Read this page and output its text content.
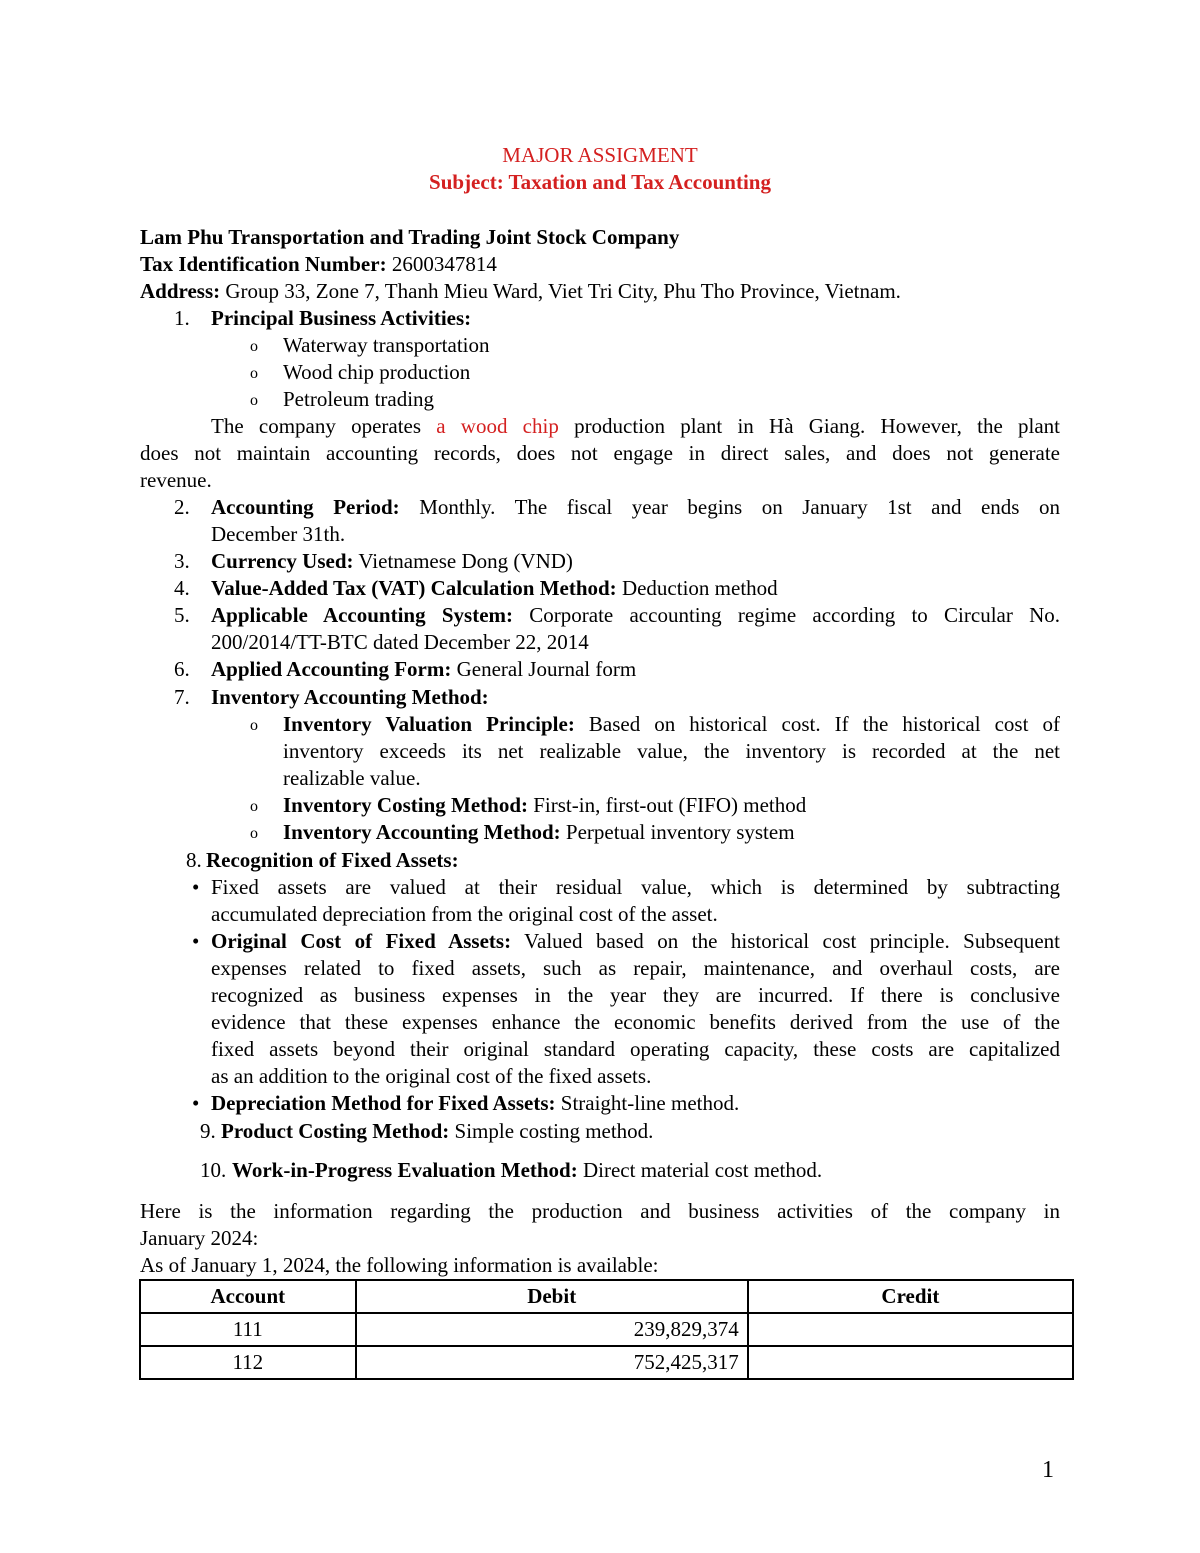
MAJOR ASSIGMENT
Subject: Taxation and Tax Accounting
Lam Phu Transportation and Trading Joint Stock Company
Tax Identification Number: 2600347814
Address: Group 33, Zone 7, Thanh Mieu Ward, Viet Tri City, Phu Tho Province, Vietnam.
1. Principal Business Activities:
o Waterway transportation
o Wood chip production
o Petroleum trading
The company operates a wood chip production plant in Hà Giang. However, the plant
does not maintain accounting records, does not engage in direct sales, and does not generate
revenue.
2. Accounting Period: Monthly. The fiscal year begins on January 1st and ends on
December 31th.
3. Currency Used: Vietnamese Dong (VND)
4. Value-Added Tax (VAT) Calculation Method: Deduction method
5. Applicable Accounting System: Corporate accounting regime according to Circular No.
200/2014/TT-BTC dated December 22, 2014
6. Applied Accounting Form: General Journal form
7. Inventory Accounting Method:
o Inventory Valuation Principle: Based on historical cost. If the historical cost of
inventory exceeds its net realizable value, the inventory is recorded at the net
realizable value.
o Inventory Costing Method: First-in, first-out (FIFO) method
o Inventory Accounting Method: Perpetual inventory system
8. Recognition of Fixed Assets:
• Fixed assets are valued at their residual value, which is determined by subtracting
accumulated depreciation from the original cost of the asset.
• Original Cost of Fixed Assets: Valued based on the historical cost principle. Subsequent
expenses related to fixed assets, such as repair, maintenance, and overhaul costs, are
recognized as business expenses in the year they are incurred. If there is conclusive
evidence that these expenses enhance the economic benefits derived from the use of the
fixed assets beyond their original standard operating capacity, these costs are capitalized
as an addition to the original cost of the fixed assets.
• Depreciation Method for Fixed Assets: Straight-line method.
9. Product Costing Method: Simple costing method.
10. Work-in-Progress Evaluation Method: Direct material cost method.
Here is the information regarding the production and business activities of the company in
January 2024:
As of January 1, 2024, the following information is available:
Account	Debit	Credit
111	239,829,374	
112	752,425,317	
1
